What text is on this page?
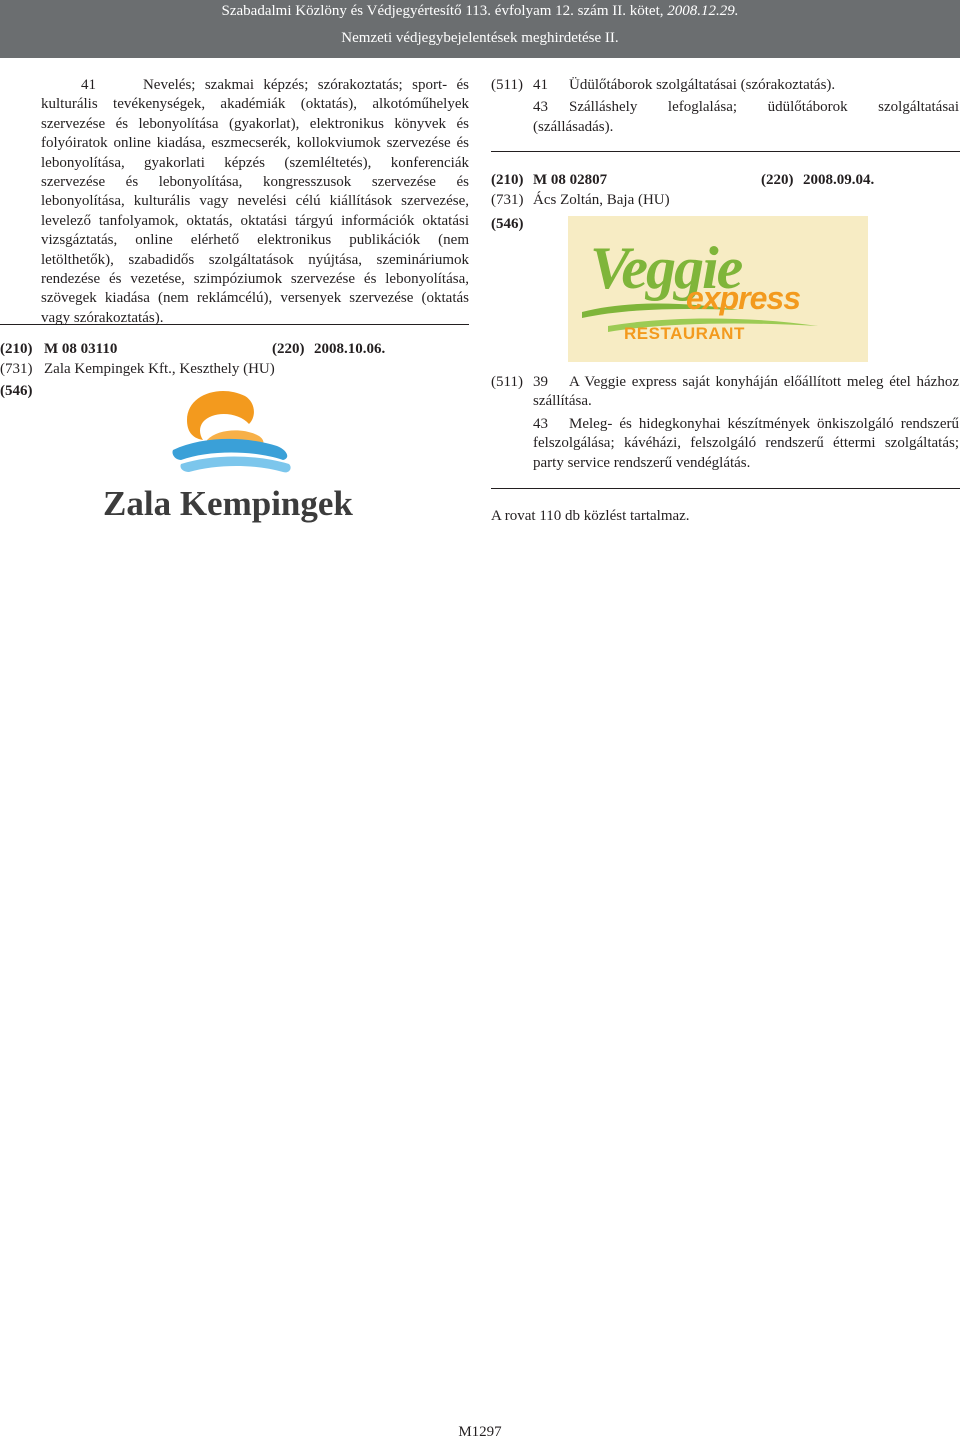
Szabadalmi Közlöny és Védjegyértesítő 113. évfolyam 12. szám II. kötet, 2008.12.29.
Nemzeti védjegybejelentések meghirdetése II.

41	Nevelés; szakmai képzés; szórakoztatás; sport- és kulturális tevékenységek, akadémiák (oktatás), alkotóműhelyek szervezése és lebonyolítása (gyakorlat), elektronikus könyvek és folyóiratok online kiadása, eszmecserék, kollokviumok szervezése és lebonyolítása, gyakorlati képzés (szemléltetés), konferenciák szervezése és lebonyolítása, kongresszusok szervezése és lebonyolítása, kulturális vagy nevelési célú kiállítások szervezése, levelező tanfolyamok, oktatás, oktatási tárgyú információk oktatási vizsgáztatás, online elérhető elektronikus publikációk (nem letölthetők), szabadidős szolgáltatások nyújtása, szemináriumok rendezése és vezetése, szimpóziumok szervezése és lebonyolítása, szövegek kiadása (nem reklámcélú), versenyek szervezése (oktatás vagy szórakoztatás).

(210) M 08 03110	(220) 2008.10.06.
(731) Zala Kempingek Kft., Keszthely (HU)
(546)
Zala Kempingek
(511) 41 Üdülőtáborok szolgáltatásai (szórakoztatás).

43 Szálláshely lefoglalása; üdülőtáborok szolgáltatásai (szállásadás).

(210) M 08 02807	(220) 2008.09.04.
(731) Ács Zoltán, Baja (HU)
(546)
Veggie
express
RESTAURANT
(511) 39 A Veggie express saját konyháján előállított meleg étel házhoz szállítása.

43 Meleg- és hidegkonyhai készítmények önkiszolgáló rendszerű felszolgálása; kávéházi, felszolgáló rendszerű éttermi szolgáltatás; party service rendszerű vendéglátás.

A rovat 110 db közlést tartalmaz.
M1297
